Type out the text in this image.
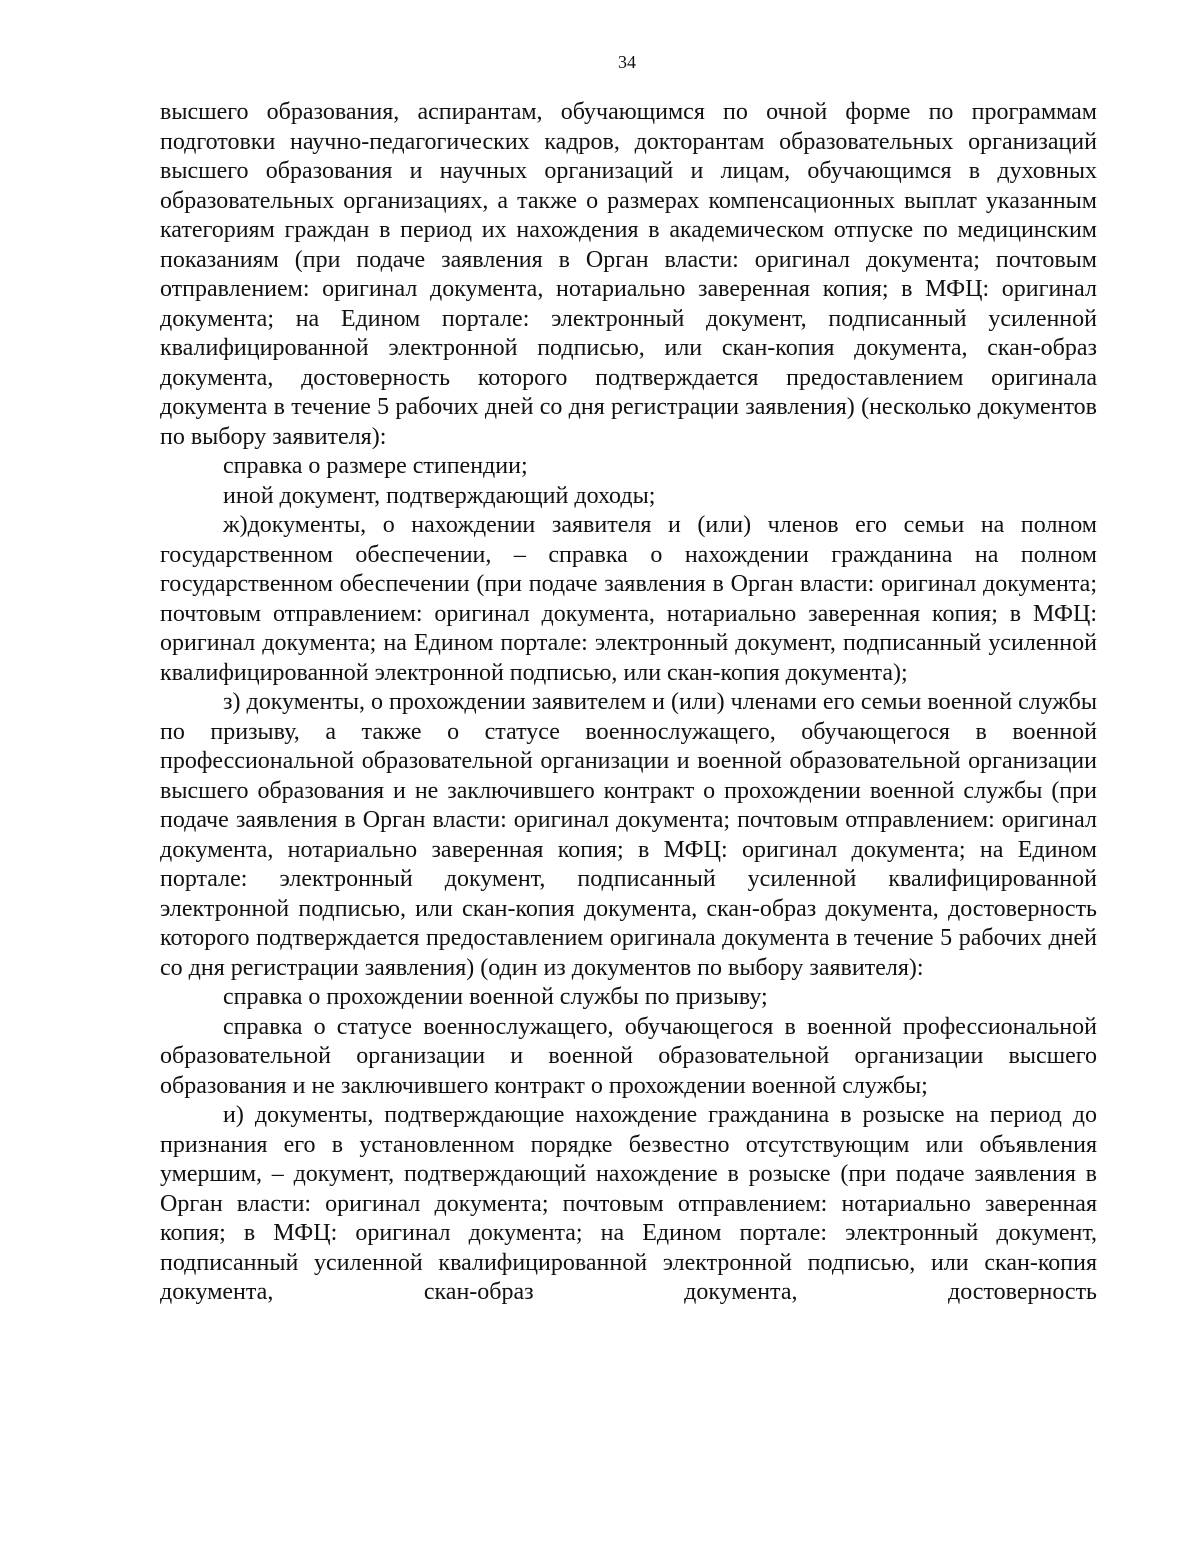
34

высшего образования, аспирантам, обучающимся по очной форме по программам подготовки научно-педагогических кадров, докторантам образовательных организаций высшего образования и научных организаций и лицам, обучающимся в духовных образовательных организациях, а также о размерах компенсационных выплат указанным категориям граждан в период их нахождения в академическом отпуске по медицинским показаниям (при подаче заявления в Орган власти: оригинал документа; почтовым отправлением: оригинал документа, нотариально заверенная копия; в МФЦ: оригинал документа; на Едином портале: электронный документ, подписанный усиленной квалифицированной электронной подписью, или скан-копия документа, скан-образ документа, достоверность которого подтверждается предоставлением оригинала документа в течение 5 рабочих дней со дня регистрации заявления) (несколько документов по выбору заявителя):

справка о размере стипендии;

иной документ, подтверждающий доходы;

ж)документы, о нахождении заявителя и (или) членов его семьи на полном государственном обеспечении, – справка о нахождении гражданина на полном государственном обеспечении (при подаче заявления в Орган власти: оригинал документа; почтовым отправлением: оригинал документа, нотариально заверенная копия; в МФЦ: оригинал документа; на Едином портале: электронный документ, подписанный усиленной квалифицированной электронной подписью, или скан-копия документа);

з) документы, о прохождении заявителем и (или) членами его семьи военной службы по призыву, а также о статусе военнослужащего, обучающегося в военной профессиональной образовательной организации и военной образовательной организации высшего образования и не заключившего контракт о прохождении военной службы (при подаче заявления в Орган власти: оригинал документа; почтовым отправлением: оригинал документа, нотариально заверенная копия; в МФЦ: оригинал документа; на Едином портале: электронный документ, подписанный усиленной квалифицированной электронной подписью, или скан-копия документа, скан-образ документа, достоверность которого подтверждается предоставлением оригинала документа в течение 5 рабочих дней со дня регистрации заявления) (один из документов по выбору заявителя):

справка о прохождении военной службы по призыву;

справка о статусе военнослужащего, обучающегося в военной профессиональной образовательной организации и военной образовательной организации высшего образования и не заключившего контракт о прохождении военной службы;

и) документы, подтверждающие нахождение гражданина в розыске на период до признания его в установленном порядке безвестно отсутствующим или объявления умершим, – документ, подтверждающий нахождение в розыске (при подаче заявления в Орган власти: оригинал документа; почтовым отправлением: нотариально заверенная копия; в МФЦ: оригинал документа; на Едином портале: электронный документ, подписанный усиленной квалифицированной электронной подписью, или скан-копия документа, скан-образ документа, достоверность
